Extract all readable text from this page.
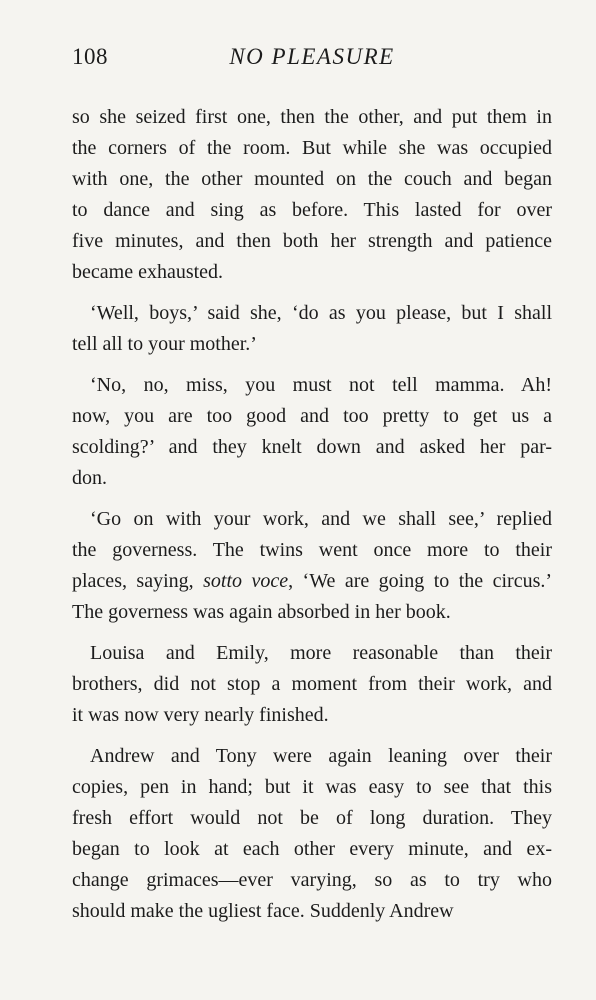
108	NO PLEASURE
so she seized first one, then the other, and put them in
the corners of the room. But while she was occupied
with one, the other mounted on the couch and began
to dance and sing as before. This lasted for over
five minutes, and then both her strength and patience
became exhausted.
‘Well, boys,’ said she, ‘do as you please, but I shall
tell all to your mother.’
‘No, no, miss, you must not tell mamma. Ah!
now, you are too good and too pretty to get us a
scolding?’ and they knelt down and asked her par-
don.
‘Go on with your work, and we shall see,’ replied
the governess. The twins went once more to their
places, saying, sotto voce, ‘We are going to the circus.’
The governess was again absorbed in her book.
Louisa and Emily, more reasonable than their
brothers, did not stop a moment from their work, and
it was now very nearly finished.
Andrew and Tony were again leaning over their
copies, pen in hand; but it was easy to see that this
fresh effort would not be of long duration. They
began to look at each other every minute, and ex-
change grimaces—ever varying, so as to try who
should make the ugliest face. Suddenly Andrew
